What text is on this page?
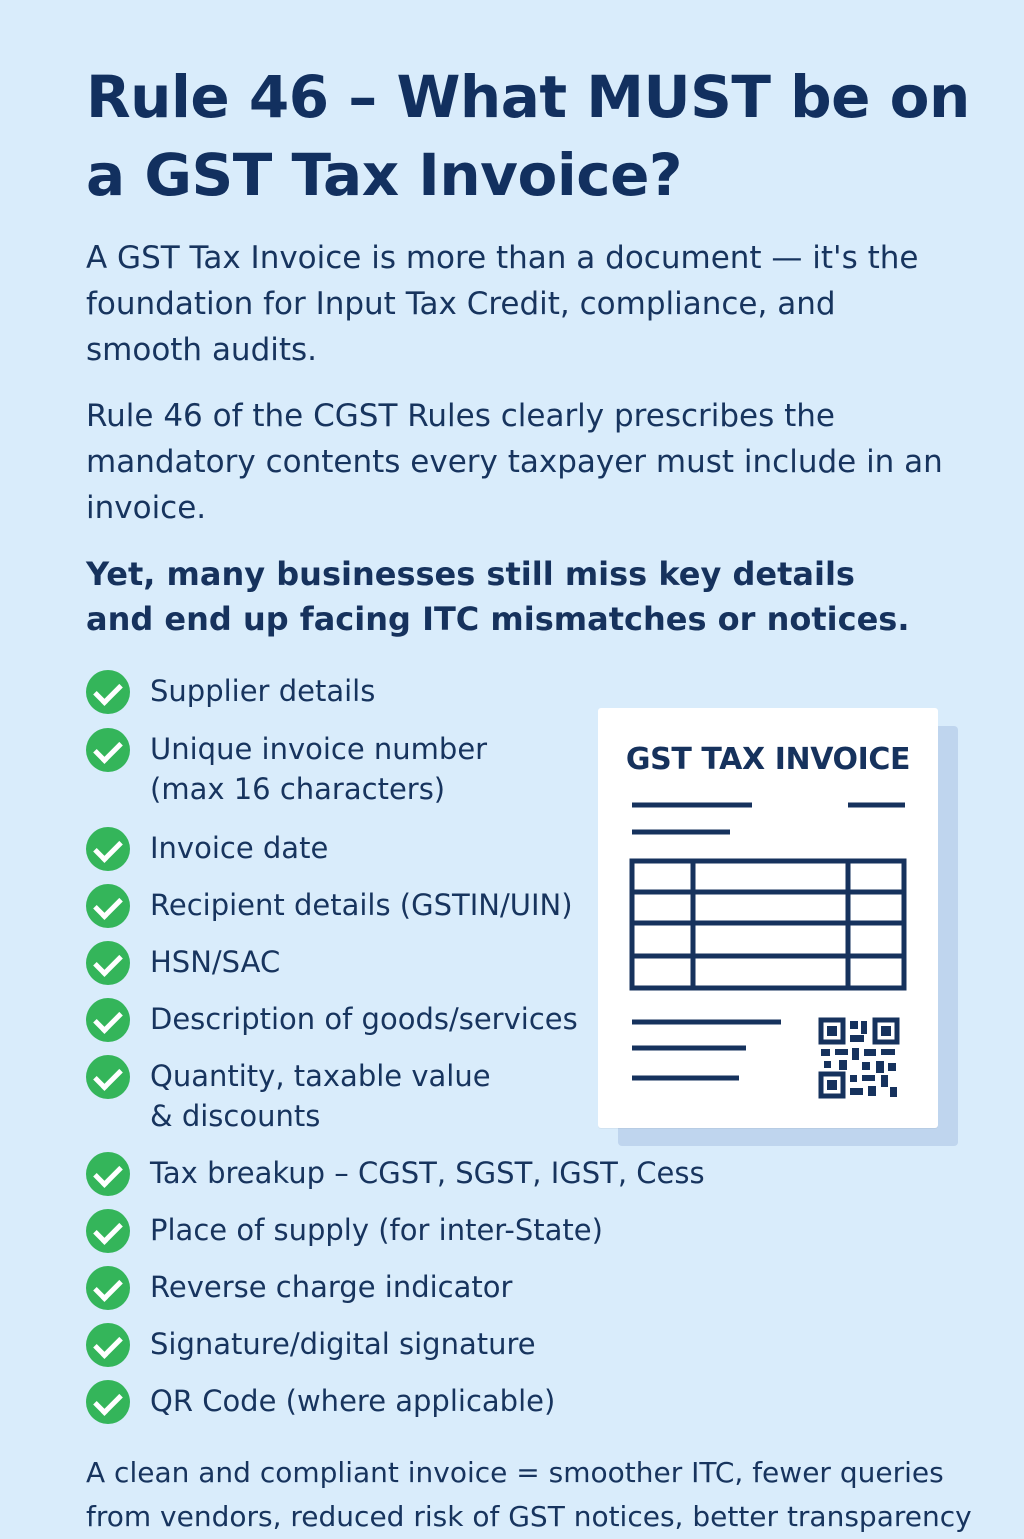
Rule 46 – What MUST be on a GST Tax Invoice?

A GST Tax Invoice is more than a document — it's the foundation for Input Tax Credit, compliance, and smooth audits.

Rule 46 of the CGST Rules clearly prescribes the mandatory contents every taxpayer must include in an invoice.

Yet, many businesses still miss key details and end up facing ITC mismatches or notices.

Supplier details
Unique invoice number
(max 16 characters)
Invoice date
Recipient details (GSTIN/UIN)
HSN/SAC
Description of goods/services
Quantity, taxable value
& discounts
Tax breakup – CGST, SGST, IGST, Cess
Place of supply (for inter-State)
Reverse charge indicator
Signature/digital signature
QR Code (where applicable)
GST TAX INVOICE

A clean and compliant invoice = smoother ITC, fewer queries from vendors, reduced risk of GST notices, better transparency
